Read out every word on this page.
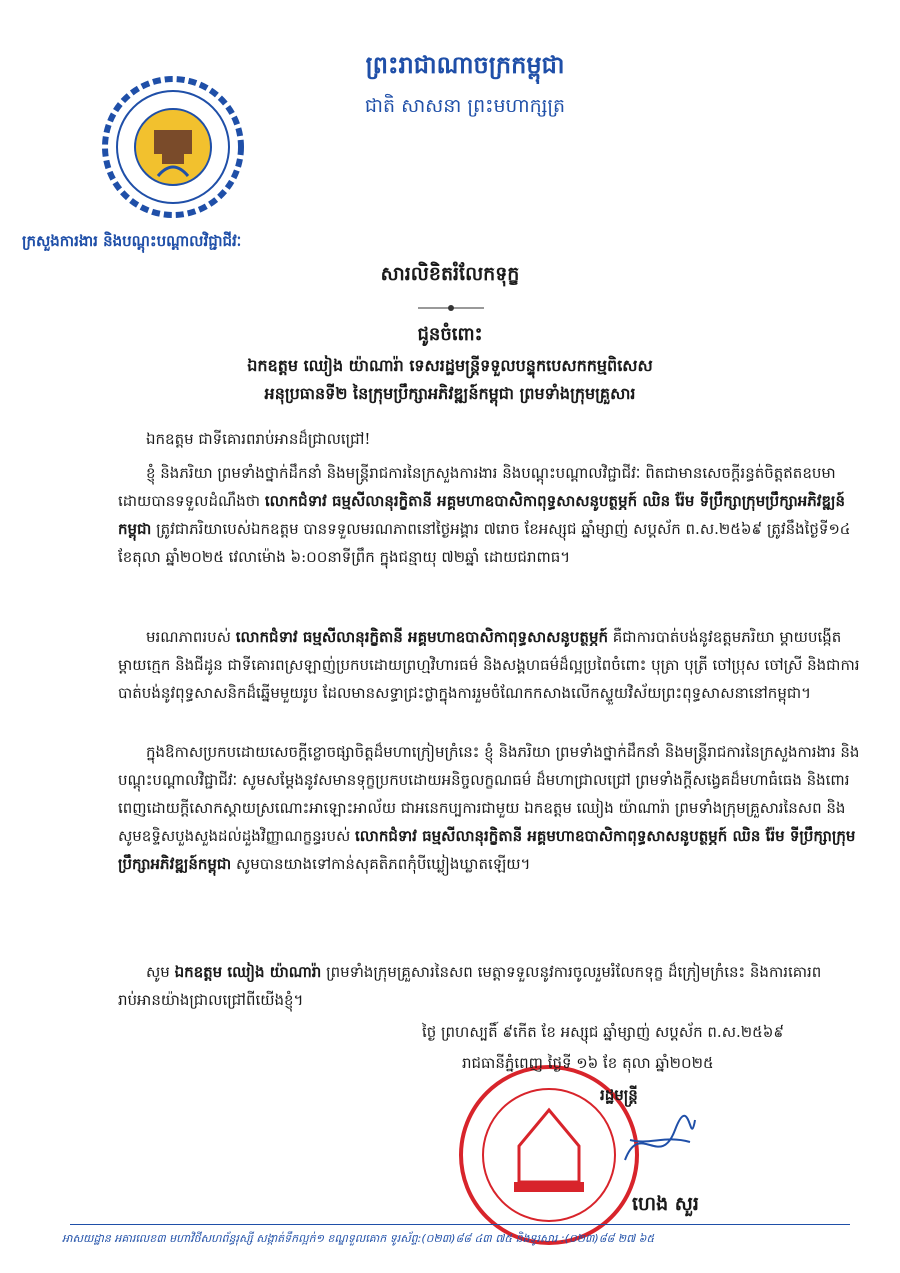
ព្រះរាជាណាចក្រកម្ពុជា
ជាតិ សាសនា ព្រះមហាក្សត្រ
ក្រសួងការងារ និងបណ្តុះបណ្តាលវិជ្ជាជីវៈ
សារលិខិតរំលែកទុក្ខ
ជូនចំពោះ
ឯកឧត្តម ឈៀង យ៉ាណារ៉ា ទេសរដ្ឋមន្ត្រីទទួលបន្ទុកបេសកកម្មពិសេស
អនុប្រធានទី២ នៃក្រុមប្រឹក្សាអភិវឌ្ឍន៍កម្ពុជា ព្រមទាំងក្រុមគ្រួសារ
ឯកឧត្តម ជាទីគោរពរាប់អានដ៏ជ្រាលជ្រៅ!
ខ្ញុំ និងភរិយា ព្រមទាំងថ្នាក់ដឹកនាំ និងមន្ត្រីរាជការនៃក្រសួងការងារ និងបណ្តុះបណ្តាលវិជ្ជាជីវៈ ពិតជាមានសេចក្តីរន្ធត់ចិត្តឥតឧបមាដោយបានទទួលដំណឹងថា លោកជំទាវ ធម្មសីលានុរក្ខិតានី អគ្គមហាឧបាសិកាពុទ្ធសាសនូបត្ថម្ភក៍ ឈិន រ៉ែម ទីប្រឹក្សាក្រុមប្រឹក្សាអភិវឌ្ឍន៍កម្ពុជា ត្រូវជាភរិយាបេស់ឯកឧត្តម បានទទួលមរណភាពនៅថ្ងៃអង្គារ ៧រោច ខែអស្សុជ ឆ្នាំម្សាញ់ សប្តស័ក ព.ស.២៥៦៩ ត្រូវនឹងថ្ងៃទី១៤ ខែតុលា ឆ្នាំ២០២៥ វេលាម៉ោង ៦:០០នាទីព្រឹក ក្នុងជន្មាយុ ៧២ឆ្នាំ ដោយជរាពាធ។
មរណភាពរបស់ លោកជំទាវ ធម្មសីលានុរក្ខិតានី អគ្គមហាឧបាសិកាពុទ្ធសាសនូបត្ថម្ភក៍ គឺជាការបាត់បង់នូវឧត្តមភរិយា ម្តាយបង្កើត ម្តាយក្មេក និងជីដូន ជាទីគោរពស្រឡាញ់ប្រកបដោយព្រហ្មវិហារធម៌ និងសង្គហធម៌ដ៏ល្អប្រពៃចំពោះ បុត្រា បុត្រី ចៅប្រុស ចៅស្រី និងជាការបាត់បង់នូវពុទ្ធសាសនិកដ៏ឆ្នើមមួយរូប ដែលមានសទ្ធាជ្រះថ្លាក្នុងការរួមចំណែកកសាងលើកស្ទួយវិស័យព្រះពុទ្ធសាសនានៅកម្ពុជា។
ក្នុងឱកាសប្រកបដោយសេចក្តីខ្លោចផ្សាចិត្តដ៏មហាក្រៀមក្រំនេះ ខ្ញុំ និងភរិយា ព្រមទាំងថ្នាក់ដឹកនាំ និងមន្ត្រីរាជការនៃក្រសួងការងារ និងបណ្តុះបណ្តាលវិជ្ជាជីវៈ សូមសម្តែងនូវសមានទុក្ខប្រកបដោយអនិច្ចលក្ខណធម៌ ដ៏មហាជ្រាលជ្រៅ ព្រមទាំងក្តីសង្វេគដ៏មហាធំធេង និងពោរពេញដោយក្តីសោកស្តាយស្រណោះអាឡោះអាល័យ ជាអនេកប្បការជាមួយ ឯកឧត្តម ឈៀង យ៉ាណារ៉ា ព្រមទាំងក្រុមគ្រួសារនៃសព និងសូមឧទ្ទិសបួងសួងដល់ដួងវិញ្ញាណក្ខន្ធរបស់ លោកជំទាវ ធម្មសីលានុរក្ខិតានី អគ្គមហាឧបាសិកាពុទ្ធសាសនូបត្ថម្ភក៍ ឈិន រ៉ែម ទីប្រឹក្សាក្រុមប្រឹក្សាអភិវឌ្ឍន៍កម្ពុជា សូមបានយាងទៅកាន់សុគតិភពកុំបីឃ្លៀងឃ្លាតឡើយ។
សូម ឯកឧត្តម ឈៀង យ៉ាណារ៉ា ព្រមទាំងក្រុមគ្រួសារនៃសព មេត្តាទទួលនូវការចូលរួមរំលែកទុក្ខ ដ៏ក្រៀមក្រំនេះ និងការគោរពរាប់អានយ៉ាងជ្រាលជ្រៅពីយើងខ្ញុំ។
ថ្ងៃ ព្រហស្បតិ៍ ៩កើត ខែ អស្សុជ ឆ្នាំម្សាញ់ សប្តស័ក ព.ស.២៥៦៩
រាជធានីភ្នំពេញ ថ្ងៃទី ១៦ ខែ តុលា ឆ្នាំ២០២៥
រដ្ឋមន្ត្រី
ហេង សួរ
អាសយដ្ឋាន អគារលេខ៣ មហាវិថីសហព័ន្ធរុស្សី សង្កាត់ទឹកល្អក់១ ខណ្ឌទួលគោក ទូរស័ព្ទ:(០២៣)៨៨ ៤៣ ៧៥ និងទូរសារ :(០២៣)៨៨ ២៧ ៦៥
